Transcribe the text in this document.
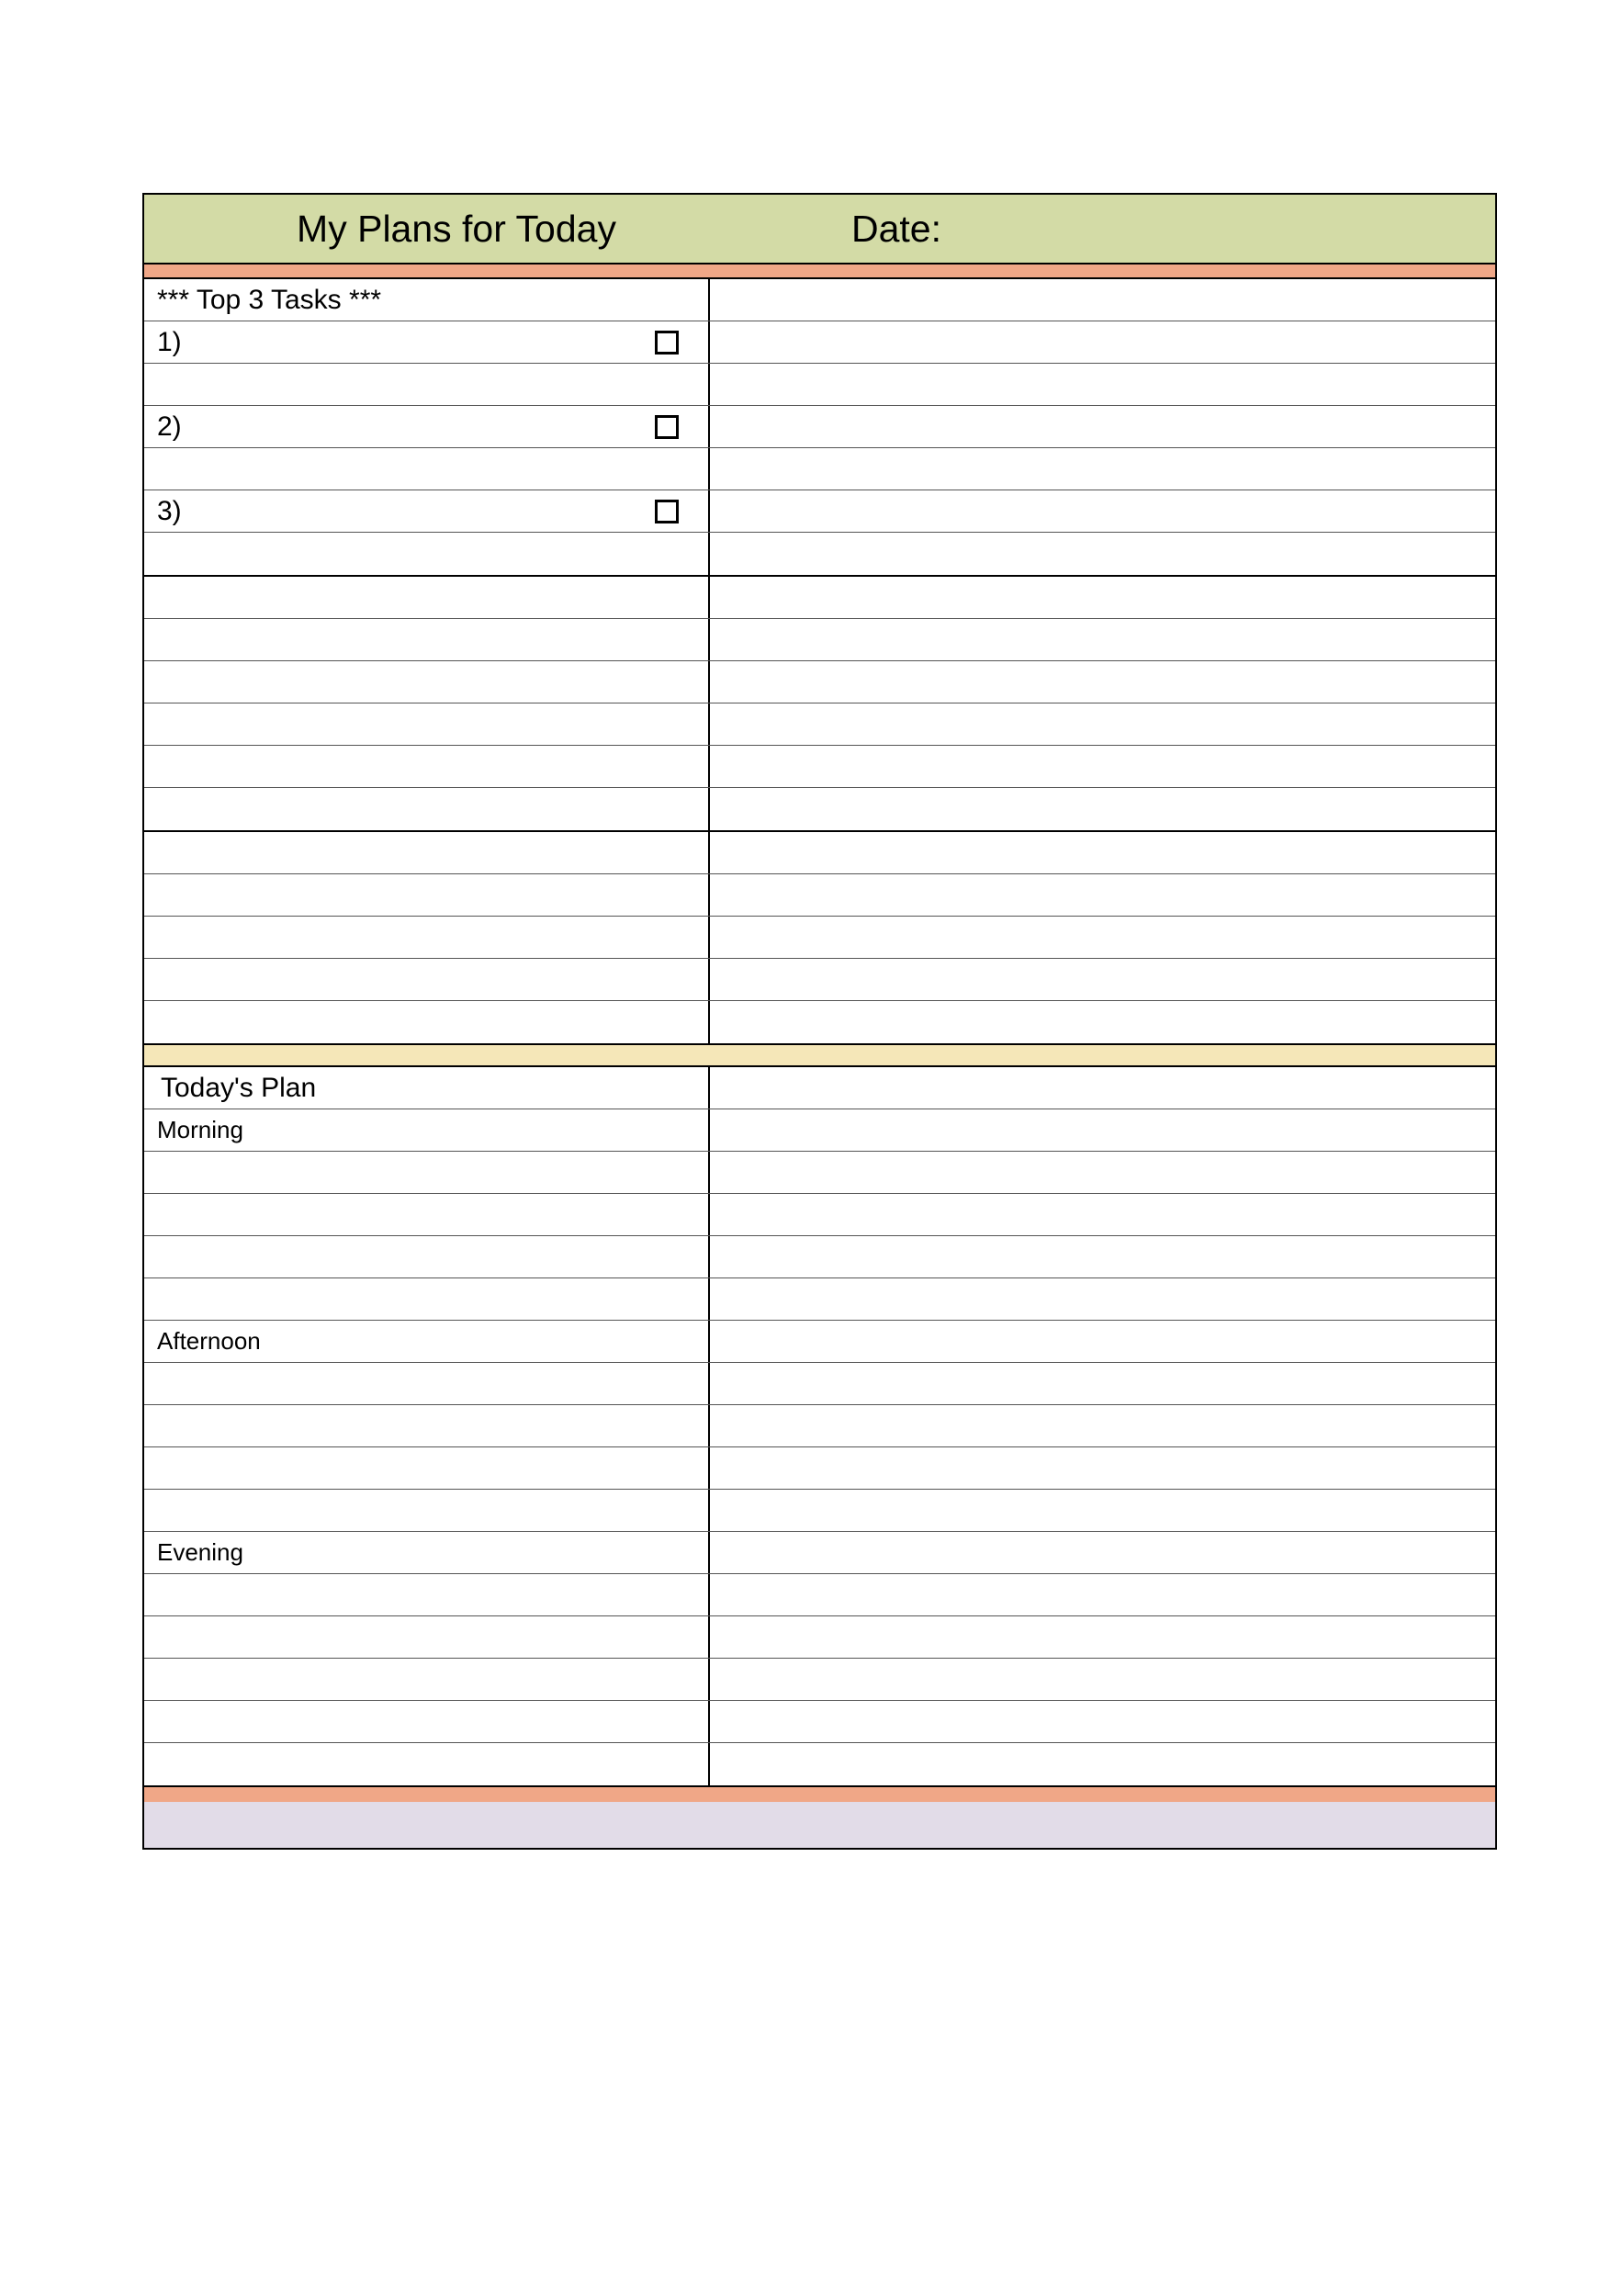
My Plans for Today	Date:
*** Top 3 Tasks ***
1)
2)
3)
Today's Plan
Morning
Afternoon
Evening
